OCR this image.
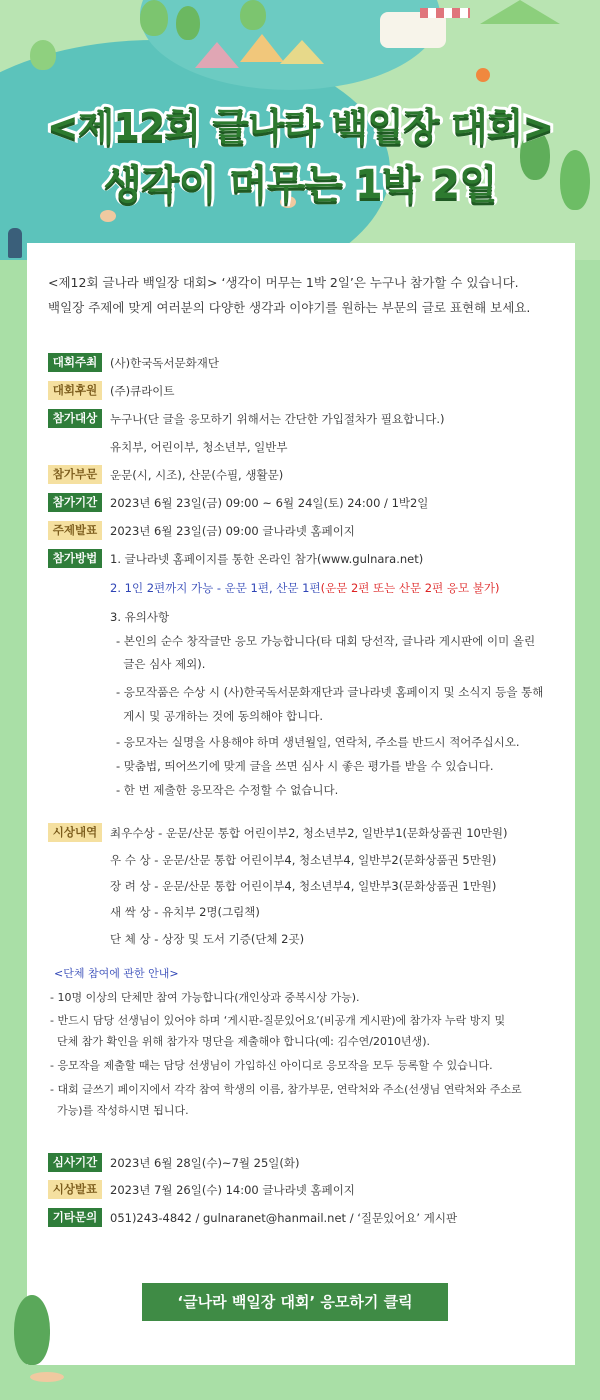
<제12회 글나라 백일장 대회>
생각이 머무는 1박 2일
<제12회 글나라 백일장 대회> ‘생각이 머무는 1박 2일’은 누구나 참가할 수 있습니다.
백일장 주제에 맞게 여러분의 다양한 생각과 이야기를 원하는 부문의 글로 표현해 보세요.
대회주최	(사)한국독서문화재단
대회후원	(주)큐라이트
참가대상	누구나(단 글을 응모하기 위해서는 간단한 가입절차가 필요합니다.)
유치부, 어린이부, 청소년부, 일반부
참가부문	운문(시, 시조), 산문(수필, 생활문)
참가기간	2023년 6월 23일(금) 09:00 ~ 6월 24일(토) 24:00 / 1박2일
주제발표	2023년 6월 23일(금) 09:00 글나라넷 홈페이지
참가방법	1. 글나라넷 홈페이지를 통한 온라인 참가(www.gulnara.net)
2. 1인 2편까지 가능 - 운문 1편, 산문 1편(운문 2편 또는 산문 2편 응모 불가)
3. 유의사항
- 본인의 순수 창작글만 응모 가능합니다(타 대회 당선작, 글나라 게시판에 이미 올린
글은 심사 제외).
- 응모작품은 수상 시 (사)한국독서문화재단과 글나라넷 홈페이지 및 소식지 등을 통해
게시 및 공개하는 것에 동의해야 합니다.
- 응모자는 실명을 사용해야 하며 생년월일, 연락처, 주소를 반드시 적어주십시오.
- 맞춤법, 띄어쓰기에 맞게 글을 쓰면 심사 시 좋은 평가를 받을 수 있습니다.
- 한 번 제출한 응모작은 수정할 수 없습니다.
시상내역	최우수상 - 운문/산문 통합 어린이부2, 청소년부2, 일반부1(문화상품권 10만원)
우 수 상 - 운문/산문 통합 어린이부4, 청소년부4, 일반부2(문화상품권 5만원)
장 려 상 - 운문/산문 통합 어린이부4, 청소년부4, 일반부3(문화상품권 1만원)
새 싹 상 - 유치부 2명(그림책)
단 체 상 - 상장 및 도서 기증(단체 2곳)
<단체 참여에 관한 안내>
- 10명 이상의 단체만 참여 가능합니다(개인상과 중복시상 가능).
- 반드시 담당 선생님이 있어야 하며 ‘게시판-질문있어요’(비공개 게시판)에 참가자 누락 방지 및
단체 참가 확인을 위해 참가자 명단을 제출해야 합니다(예: 김수연/2010년생).
- 응모작을 제출할 때는 담당 선생님이 가입하신 아이디로 응모작을 모두 등록할 수 있습니다.
- 대회 글쓰기 페이지에서 각각 참여 학생의 이름, 참가부문, 연락처와 주소(선생님 연락처와 주소로
가능)를 작성하시면 됩니다.
심사기간	2023년 6월 28일(수)~7월 25일(화)
시상발표	2023년 7월 26일(수) 14:00 글나라넷 홈페이지
기타문의	051)243-4842 / gulnaranet@hanmail.net / ‘질문있어요’ 게시판
‘글나라 백일장 대회’ 응모하기 클릭
